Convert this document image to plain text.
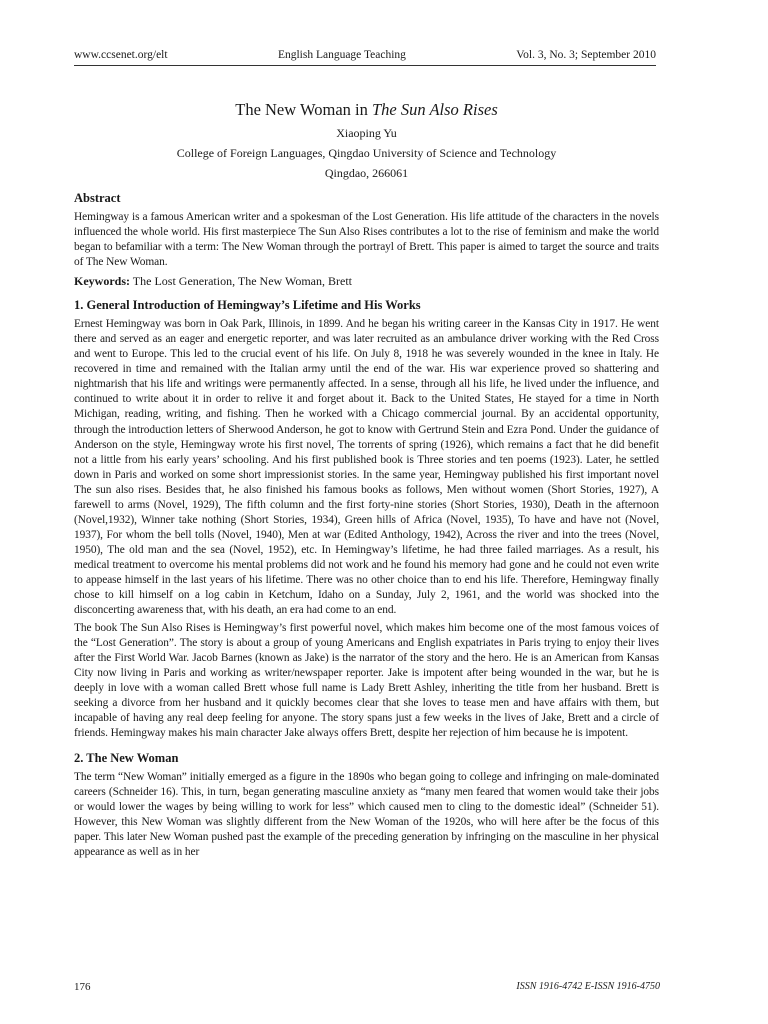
www.ccsenet.org/elt	English Language Teaching	Vol. 3, No. 3; September 2010
The New Woman in The Sun Also Rises

Xiaoping Yu

College of Foreign Languages, Qingdao University of Science and Technology

Qingdao, 266061

Abstract

Hemingway is a famous American writer and a spokesman of the Lost Generation. His life attitude of the characters in the novels influenced the whole world. His first masterpiece The Sun Also Rises contributes a lot to the rise of feminism and make the world began to befamiliar with a term: The New Woman through the portrayl of Brett. This paper is aimed to target the source and traits of The New Woman.

Keywords: The Lost Generation, The New Woman, Brett

1. General Introduction of Hemingway’s Lifetime and His Works

Ernest Hemingway was born in Oak Park, Illinois, in 1899. And he began his writing career in the Kansas City in 1917. He went there and served as an eager and energetic reporter, and was later recruited as an ambulance driver working with the Red Cross and went to Europe. This led to the crucial event of his life. On July 8, 1918 he was severely wounded in the knee in Italy. He recovered in time and remained with the Italian army until the end of the war. His war experience proved so shattering and nightmarish that his life and writings were permanently affected. In a sense, through all his life, he lived under the influence, and continued to write about it in order to relive it and forget about it. Back to the United States, He stayed for a time in North Michigan, reading, writing, and fishing. Then he worked with a Chicago commercial journal. By an accidental opportunity, through the introduction letters of Sherwood Anderson, he got to know with Gertrund Stein and Ezra Pond. Under the guidance of Anderson on the style, Hemingway wrote his first novel, The torrents of spring (1926), which remains a fact that he did benefit not a little from his early years’ schooling. And his first published book is Three stories and ten poems (1923). Later, he settled down in Paris and worked on some short impressionist stories. In the same year, Hemingway published his first important novel The sun also rises. Besides that, he also finished his famous books as follows, Men without women (Short Stories, 1927), A farewell to arms (Novel, 1929), The fifth column and the first forty-nine stories (Short Stories, 1930), Death in the afternoon (Novel,1932), Winner take nothing (Short Stories, 1934), Green hills of Africa (Novel, 1935), To have and have not (Novel, 1937), For whom the bell tolls (Novel, 1940), Men at war (Edited Anthology, 1942), Across the river and into the trees (Novel, 1950), The old man and the sea (Novel, 1952), etc. In Hemingway’s lifetime, he had three failed marriages. As a result, his medical treatment to overcome his mental problems did not work and he found his memory had gone and he could not even write to appease himself in the last years of his lifetime. There was no other choice than to end his life. Therefore, Hemingway finally chose to kill himself on a log cabin in Ketchum, Idaho on a Sunday, July 2, 1961, and the world was shocked into the disconcerting awareness that, with his death, an era had come to an end.

The book The Sun Also Rises is Hemingway’s first powerful novel, which makes him become one of the most famous voices of the “Lost Generation”. The story is about a group of young Americans and English expatriates in Paris trying to enjoy their lives after the First World War. Jacob Barnes (known as Jake) is the narrator of the story and the hero. He is an American from Kansas City now living in Paris and working as writer/newspaper reporter. Jake is impotent after being wounded in the war, but he is deeply in love with a woman called Brett whose full name is Lady Brett Ashley, inheriting the title from her husband. Brett is seeking a divorce from her husband and it quickly becomes clear that she loves to tease men and have affairs with them, but incapable of having any real deep feeling for anyone. The story spans just a few weeks in the lives of Jake, Brett and a circle of friends. Hemingway makes his main character Jake always offers Brett, despite her rejection of him because he is impotent.

2. The New Woman

The term “New Woman” initially emerged as a figure in the 1890s who began going to college and infringing on male-dominated careers (Schneider 16). This, in turn, began generating masculine anxiety as “many men feared that women would take their jobs or would lower the wages by being willing to work for less” which caused men to cling to the domestic ideal” (Schneider 51). However, this New Woman was slightly different from the New Woman of the 1920s, who will here after be the focus of this paper. This later New Woman pushed past the example of the preceding generation by infringing on the masculine in her physical appearance as well as in her

176	ISSN 1916-4742 E-ISSN 1916-4750
